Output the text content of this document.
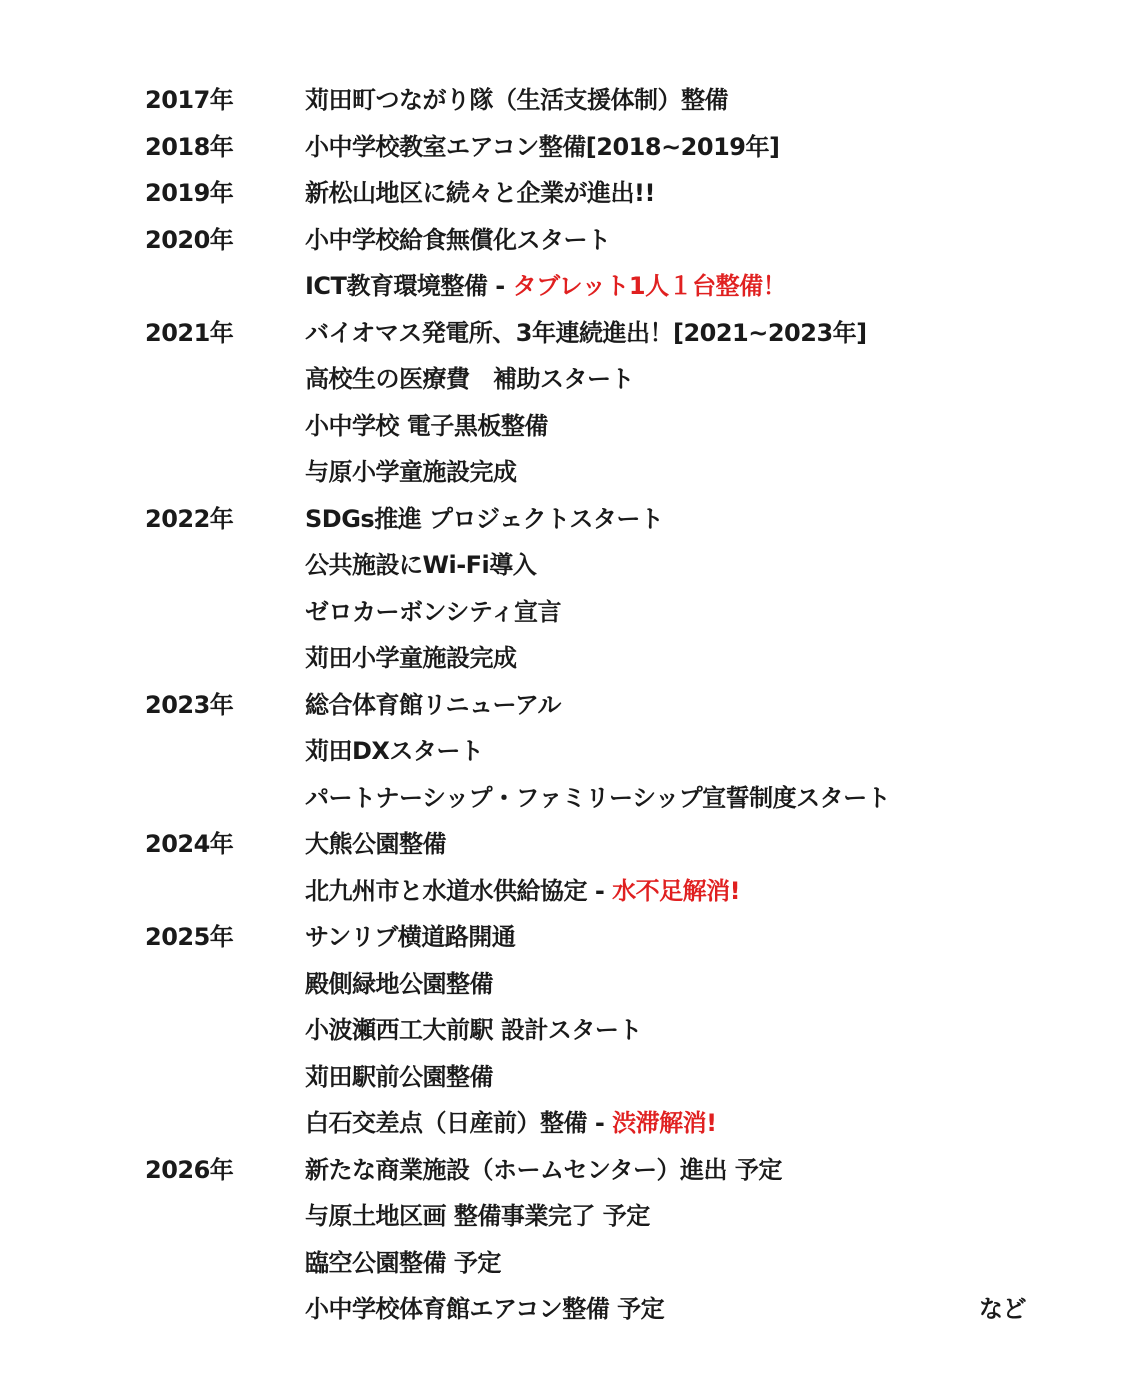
2017年	苅田町つながり隊（生活支援体制）整備
2018年	小中学校教室エアコン整備[2018~2019年]
2019年	新松山地区に続々と企業が進出!!
2020年	小中学校給食無償化スタート
ICT教育環境整備 - タブレット1人１台整備！
2021年	バイオマス発電所、3年連続進出！[2021~2023年]
高校生の医療費　補助スタート
小中学校 電子黒板整備
与原小学童施設完成
2022年	SDGs推進 プロジェクトスタート
公共施設にWi-Fi導入
ゼロカーボンシティ宣言
苅田小学童施設完成
2023年	総合体育館リニューアル
苅田DXスタート
パートナーシップ・ファミリーシップ宣誓制度スタート
2024年	大熊公園整備
北九州市と水道水供給協定 - 水不足解消!
2025年	サンリブ横道路開通
殿側緑地公園整備
小波瀬西工大前駅 設計スタート
苅田駅前公園整備
白石交差点（日産前）整備 - 渋滞解消!
2026年	新たな商業施設（ホームセンター）進出 予定
与原土地区画 整備事業完了 予定
臨空公園整備 予定
小中学校体育館エアコン整備 予定	など
